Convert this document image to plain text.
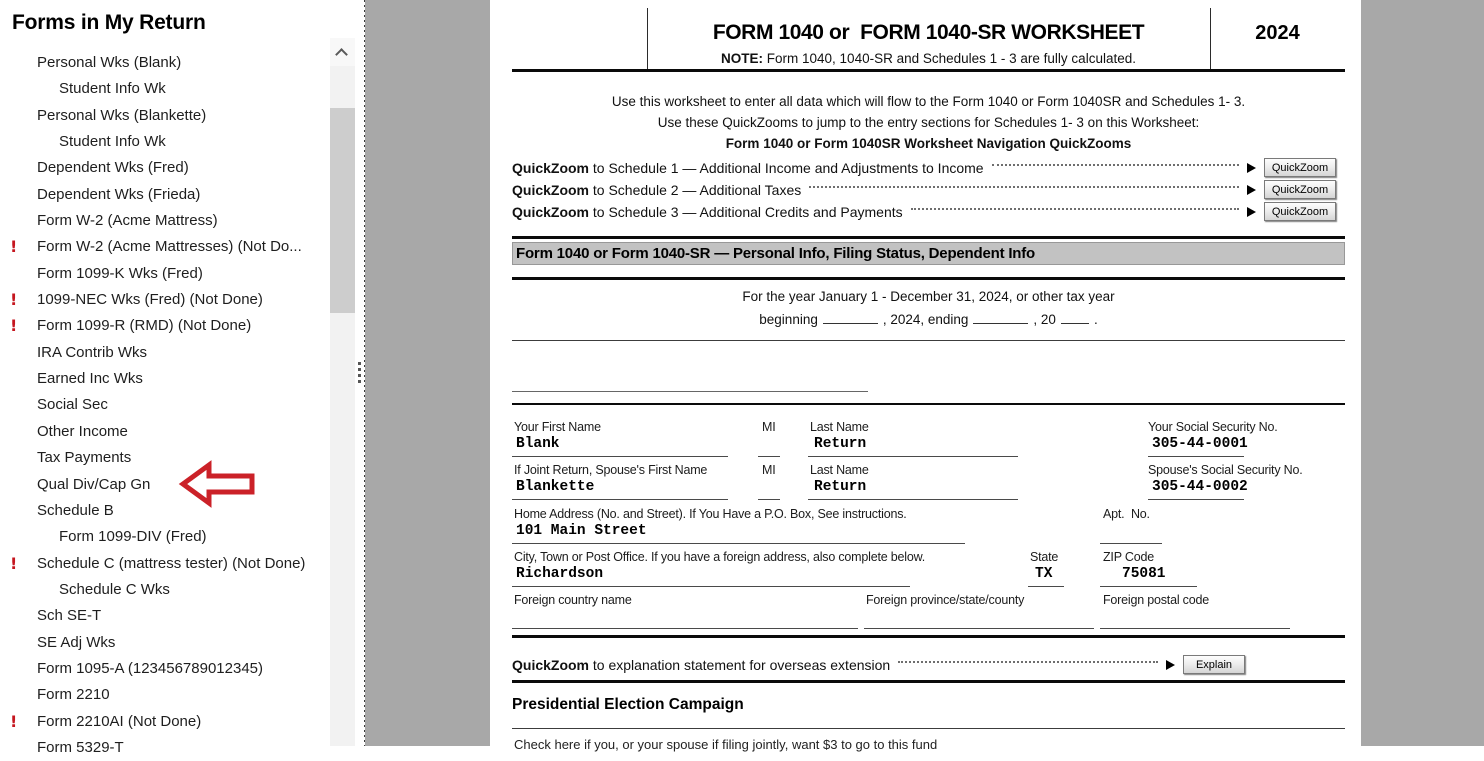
Forms in My Return
Personal Wks (Blank)
Student Info Wk
Personal Wks (Blankette)
Student Info Wk
Dependent Wks (Fred)
Dependent Wks (Frieda)
Form W-2 (Acme Mattress)
! Form W-2 (Acme Mattresses) (Not Do...
Form 1099-K Wks (Fred)
! 1099-NEC Wks (Fred) (Not Done)
! Form 1099-R (RMD) (Not Done)
IRA Contrib Wks
Earned Inc Wks
Social Sec
Other Income
Tax Payments
Qual Div/Cap Gn
Schedule B
Form 1099-DIV (Fred)
! Schedule C (mattress tester) (Not Done)
Schedule C Wks
Sch SE-T
SE Adj Wks
Form 1095-A (123456789012345)
Form 2210
! Form 2210AI (Not Done)
Form 5329-T
FORM 1040 or  FORM 1040-SR WORKSHEET
NOTE: Form 1040, 1040-SR and Schedules 1 - 3 are fully calculated.
2024
Use this worksheet to enter all data which will flow to the Form 1040 or Form 1040SR and Schedules 1- 3.
Use these QuickZooms to jump to the entry sections for Schedules 1- 3 on this Worksheet:
Form 1040 or Form 1040SR Worksheet Navigation QuickZooms
QuickZoom to Schedule 1 — Additional Income and Adjustments to Income	QuickZoom
QuickZoom to Schedule 2 — Additional Taxes	QuickZoom
QuickZoom to Schedule 3 — Additional Credits and Payments	QuickZoom
Form 1040 or Form 1040-SR — Personal Info, Filing Status, Dependent Info
For the year January 1 - December 31, 2024, or other tax year
beginning	, 2024, ending	, 20	.
Your First Name
Blank
MI	Last Name
Return
Your Social Security No.
305-44-0001
If Joint Return, Spouse's First Name
Blankette
MI	Last Name
Return
Spouse's Social Security No.
305-44-0002
Home Address (No. and Street). If You Have a P.O. Box, See instructions.
101 Main Street
Apt.  No.
City, Town or Post Office. If you have a foreign address, also complete below.
Richardson
State
TX
ZIP Code
75081
Foreign country name	Foreign province/state/county	Foreign postal code
QuickZoom to explanation statement for overseas extension	Explain
Presidential Election Campaign
Check here if you, or your spouse if filing jointly, want $3 to go to this fund
